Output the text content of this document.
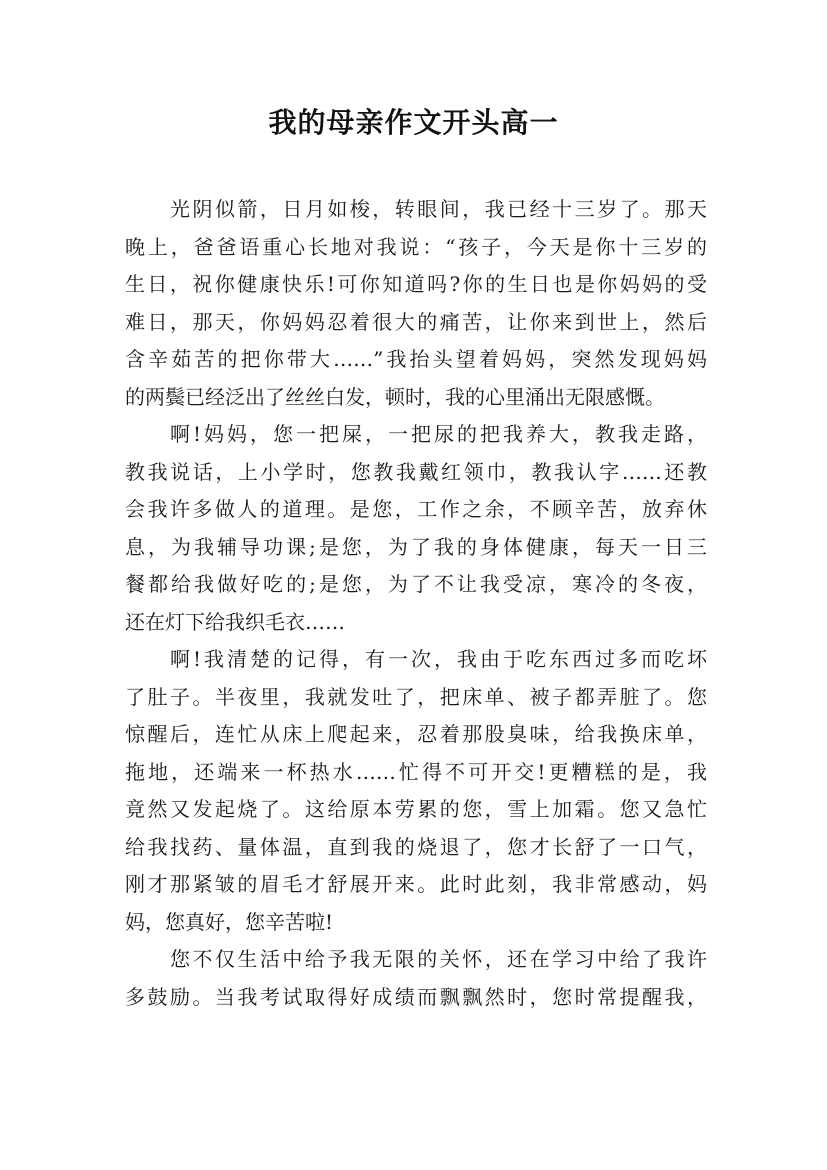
我的母亲作文开头高一
光阴似箭，日月如梭，转眼间，我已经十三岁了。那天
晚上，爸爸语重心长地对我说：“孩子，今天是你十三岁的
生日，祝你健康快乐!可你知道吗?你的生日也是你妈妈的受
难日，那天，你妈妈忍着很大的痛苦，让你来到世上，然后
含辛茹苦的把你带大……”我抬头望着妈妈，突然发现妈妈
的两鬓已经泛出了丝丝白发，顿时，我的心里涌出无限感慨。
啊!妈妈，您一把屎，一把尿的把我养大，教我走路，
教我说话，上小学时，您教我戴红领巾，教我认字……还教
会我许多做人的道理。是您，工作之余，不顾辛苦，放弃休
息，为我辅导功课;是您，为了我的身体健康，每天一日三
餐都给我做好吃的;是您，为了不让我受凉，寒冷的冬夜，
还在灯下给我织毛衣……
啊!我清楚的记得，有一次，我由于吃东西过多而吃坏
了肚子。半夜里，我就发吐了，把床单、被子都弄脏了。您
惊醒后，连忙从床上爬起来，忍着那股臭味，给我换床单，
拖地，还端来一杯热水……忙得不可开交!更糟糕的是，我
竟然又发起烧了。这给原本劳累的您，雪上加霜。您又急忙
给我找药、量体温，直到我的烧退了，您才长舒了一口气，
刚才那紧皱的眉毛才舒展开来。此时此刻，我非常感动，妈
妈，您真好，您辛苦啦!
您不仅生活中给予我无限的关怀，还在学习中给了我许
多鼓励。当我考试取得好成绩而飘飘然时，您时常提醒我，
